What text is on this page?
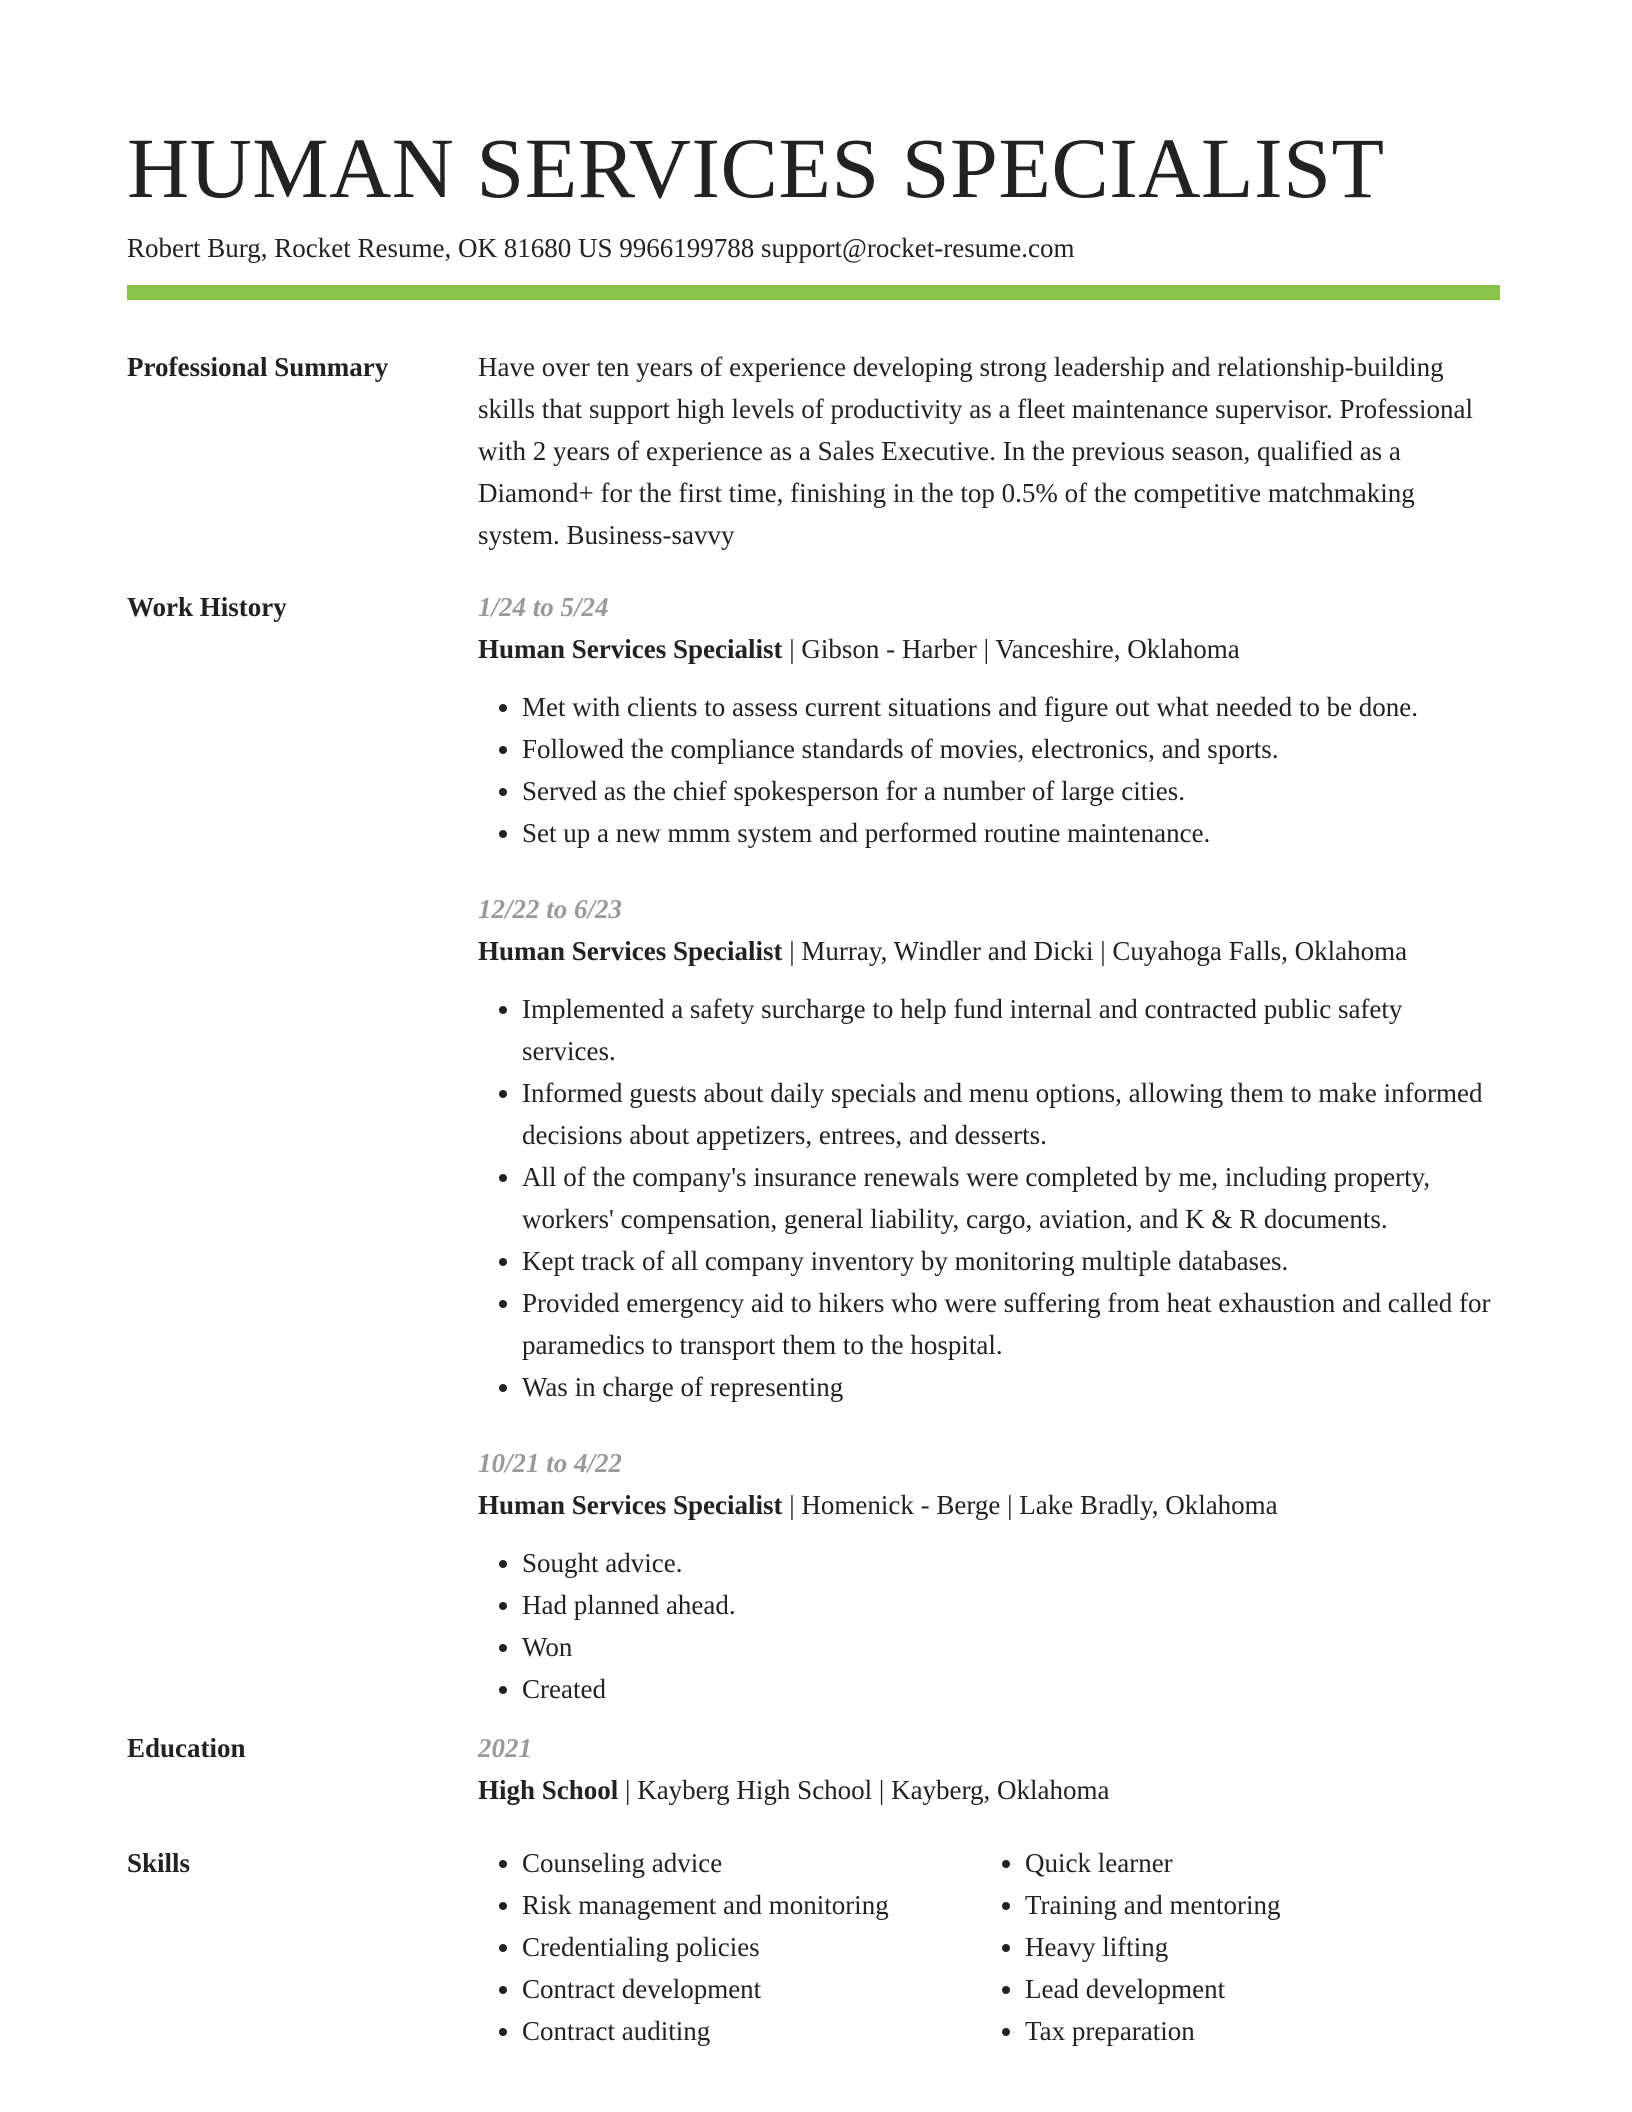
HUMAN SERVICES SPECIALIST
Robert Burg, Rocket Resume, OK 81680 US 9966199788 support@rocket-resume.com
Professional Summary	Have over ten years of experience developing strong leadership and relationship-building skills that support high levels of productivity as a fleet maintenance supervisor. Professional with 2 years of experience as a Sales Executive. In the previous season, qualified as a Diamond+ for the first time, finishing in the top 0.5% of the competitive matchmaking system. Business-savvy

Work History	1/24 to 5/24
Human Services Specialist | Gibson - Harber | Vanceshire, Oklahoma
• Met with clients to assess current situations and figure out what needed to be done.
• Followed the compliance standards of movies, electronics, and sports.
• Served as the chief spokesperson for a number of large cities.
• Set up a new mmm system and performed routine maintenance.
12/22 to 6/23
Human Services Specialist | Murray, Windler and Dicki | Cuyahoga Falls, Oklahoma
• Implemented a safety surcharge to help fund internal and contracted public safety services.
• Informed guests about daily specials and menu options, allowing them to make informed decisions about appetizers, entrees, and desserts.
• All of the company's insurance renewals were completed by me, including property, workers' compensation, general liability, cargo, aviation, and K & R documents.
• Kept track of all company inventory by monitoring multiple databases.
• Provided emergency aid to hikers who were suffering from heat exhaustion and called for paramedics to transport them to the hospital.
• Was in charge of representing
10/21 to 4/22
Human Services Specialist | Homenick - Berge | Lake Bradly, Oklahoma
• Sought advice.
• Had planned ahead.
• Won
• Created
Education	2021
High School | Kayberg High School | Kayberg, Oklahoma
Skills
•	Counseling advice
• Risk management and monitoring
• Credentialing policies
• Contract development
• Contract auditing
• Quick learner
• Training and mentoring
• Heavy lifting
• Lead development
• Tax preparation
